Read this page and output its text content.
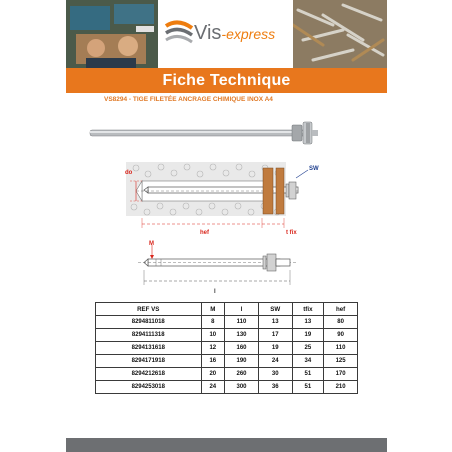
Vis-express
Fiche Technique
VS8294 - TIGE FILETÉE ANCRAGE CHIMIQUE INOX A4
do
SW
hef	t fix
M
l
REF VS	M	l	SW	tfix	hef
8294811018	8	110	13	13	80
8294111318	10	130	17	19	90
8294131618	12	160	19	25	110
8294171918	16	190	24	34	125
8294212618	20	260	30	51	170
8294253018	24	300	36	51	210
